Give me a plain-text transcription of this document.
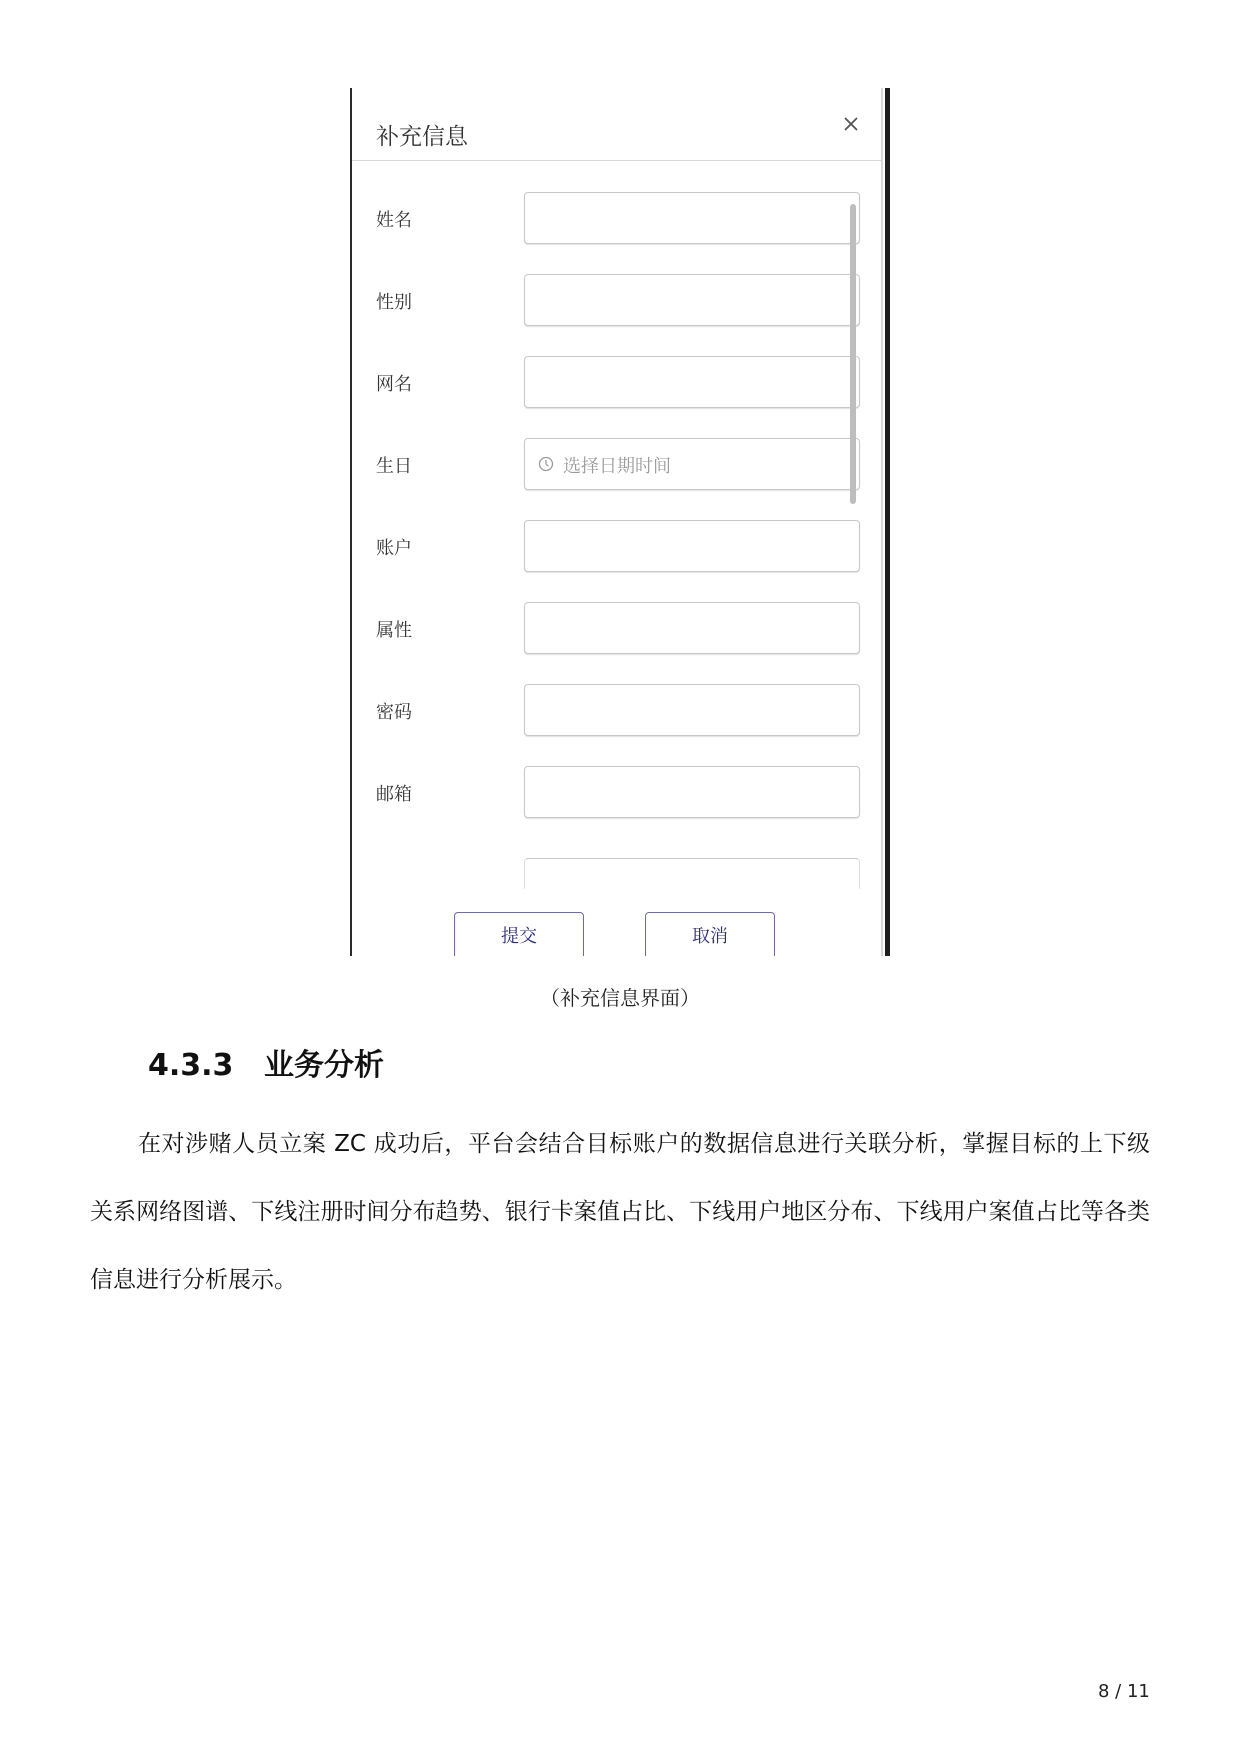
补充信息
姓名
性别
网名
生日	选择日期时间
账户
属性
密码
邮箱
提交	取消
（补充信息界面）
4.3.3 业务分析
在对涉赌人员立案 ZC 成功后，平台会结合目标账户的数据信息进行关联分析，掌握目标的上下级关系网络图谱、下线注册时间分布趋势、银行卡案值占比、下线用户地区分布、下线用户案值占比等各类信息进行分析展示。
8 / 11
